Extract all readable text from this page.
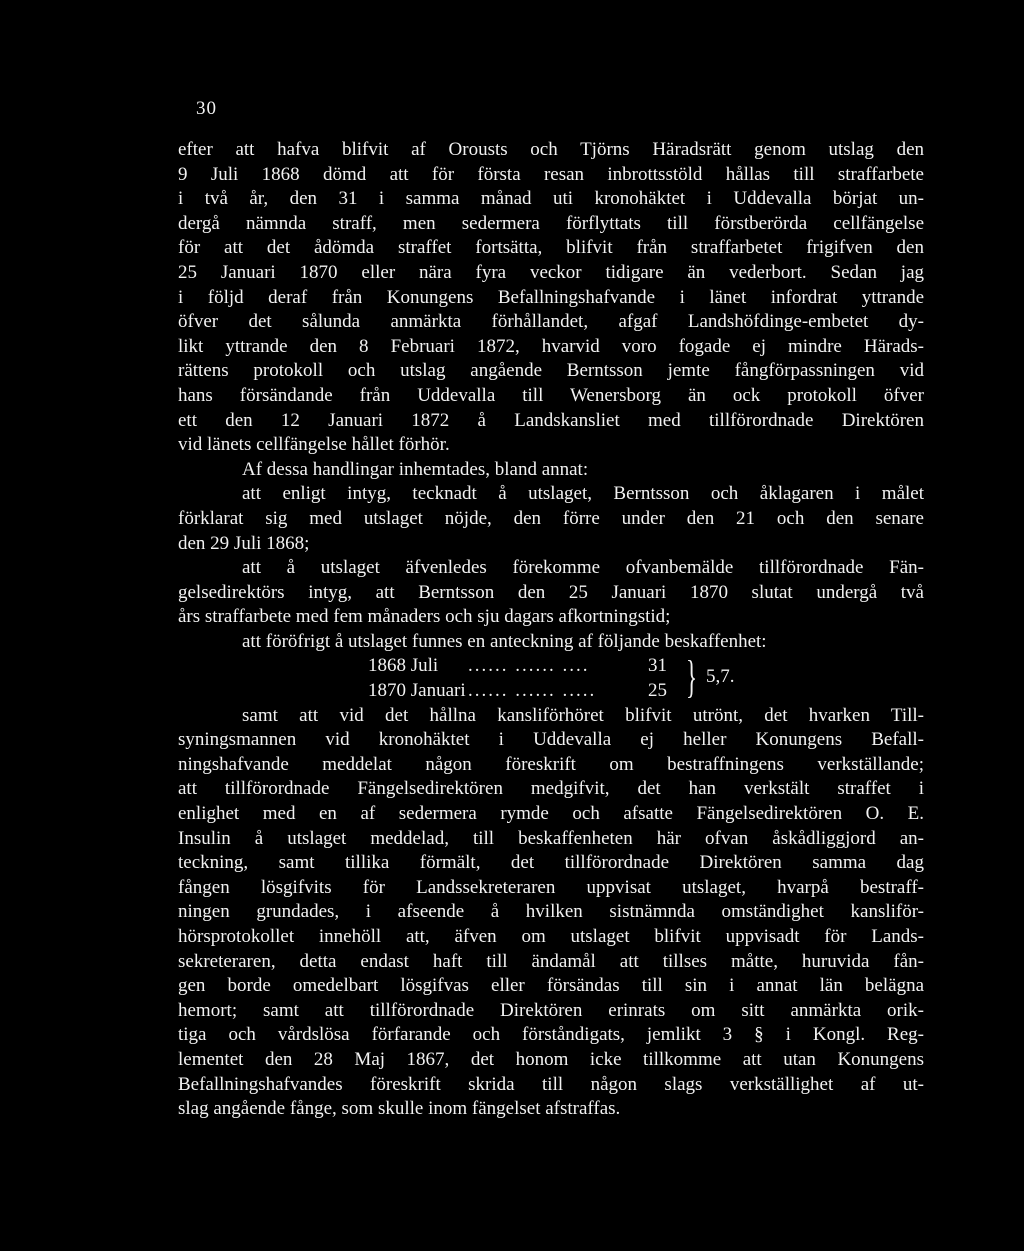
30
efter att hafva blifvit af Orousts och Tjörns Häradsrätt genom utslag den
9 Juli 1868 dömd att för första resan inbrottsstöld hållas till straffarbete
i två år, den 31 i samma månad uti kronohäktet i Uddevalla börjat un-
dergå nämnda straff, men sedermera förflyttats till förstberörda cellfängelse
för att det ådömda straffet fortsätta, blifvit från straffarbetet frigifven den
25 Januari 1870 eller nära fyra veckor tidigare än vederbort. Sedan jag
i följd deraf från Konungens Befallningshafvande i länet infordrat yttrande
öfver det sålunda anmärkta förhållandet, afgaf Landshöfdinge-embetet dy-
likt yttrande den 8 Februari 1872, hvarvid voro fogade ej mindre Härads-
rättens protokoll och utslag angående Berntsson jemte fångförpassningen vid
hans försändande från Uddevalla till Wenersborg än ock protokoll öfver
ett den 12 Januari 1872 å Landskansliet med tillförordnade Direktören
vid länets cellfängelse hållet förhör.
Af dessa handlingar inhemtades, bland annat:
att enligt intyg, tecknadt å utslaget, Berntsson och åklagaren i målet
förklarat sig med utslaget nöjde, den förre under den 21 och den senare
den 29 Juli 1868;
att å utslaget äfvenledes förekomme ofvanbemälde tillförordnade Fän-
gelsedirektörs intyg, att Berntsson den 25 Januari 1870 slutat undergå två
års straffarbete med fem månaders och sju dagars afkortningstid;
att föröfrigt å utslaget funnes en anteckning af följande beskaffenhet:
1868 Juli ...... ...... ....	31 } 5,7.
1870 Januari ...... ...... .....	25
samt att vid det hållna kansliförhöret blifvit utrönt, det hvarken Till-
syningsmannen vid kronohäktet i Uddevalla ej heller Konungens Befall-
ningshafvande meddelat någon föreskrift om bestraffningens verkställande;
att tillförordnade Fängelsedirektören medgifvit, det han verkstält straffet i
enlighet med en af sedermera rymde och afsatte Fängelsedirektören O. E.
Insulin å utslaget meddelad, till beskaffenheten här ofvan åskådliggjord an-
teckning, samt tillika förmält, det tillförordnade Direktören samma dag
fången lösgifvits för Landssekreteraren uppvisat utslaget, hvarpå bestraff-
ningen grundades, i afseende å hvilken sistnämnda omständighet kansliför-
hörsprotokollet innehöll att, äfven om utslaget blifvit uppvisadt för Lands-
sekreteraren, detta endast haft till ändamål att tillses måtte, huruvida fån-
gen borde omedelbart lösgifvas eller försändas till sin i annat län belägna
hemort; samt att tillförordnade Direktören erinrats om sitt anmärkta orik-
tiga och vårdslösa förfarande och förståndigats, jemlikt 3 § i Kongl. Reg-
lementet den 28 Maj 1867, det honom icke tillkomme att utan Konungens
Befallningshafvandes föreskrift skrida till någon slags verkställighet af ut-
slag angående fånge, som skulle inom fängelset afstraffas.
